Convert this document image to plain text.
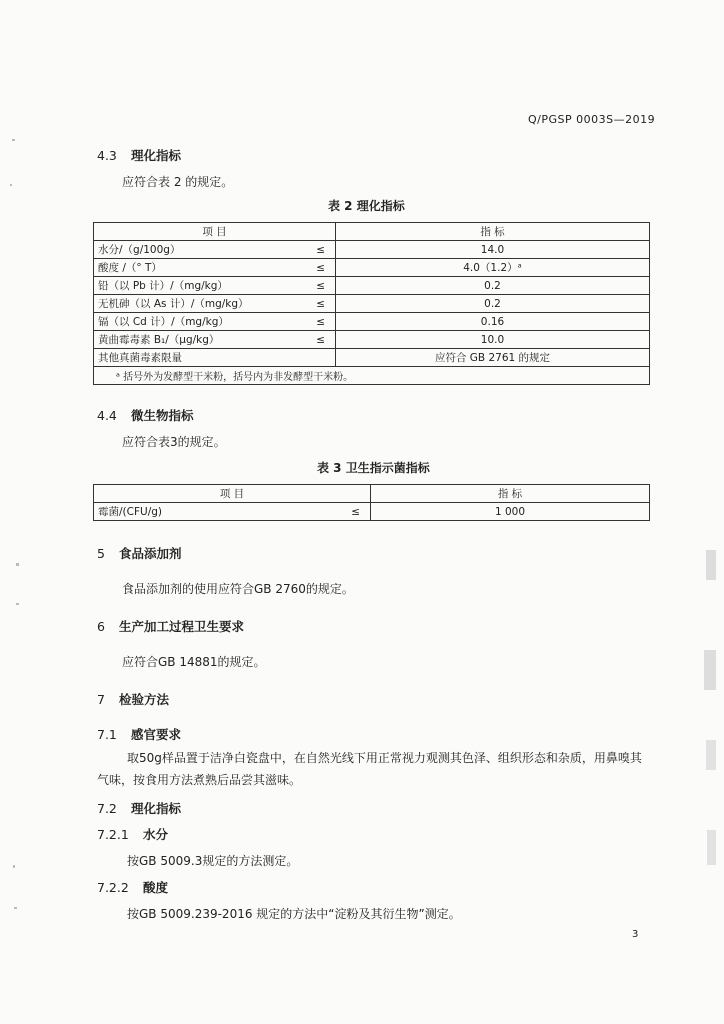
Q/PGSP 0003S—2019
4.3 理化指标
应符合表 2 的规定。
表 2 理化指标
项 目		指 标
水分/（g/100g）	≤	14.0
酸度 /（° T）	≤	4.0（1.2）ᵃ
铅（以 Pb 计）/（mg/kg）	≤	0.2
无机砷（以 As 计）/（mg/kg）	≤	0.2
镉（以 Cd 计）/（mg/kg）	≤	0.16
黄曲霉毒素 B₁/（μg/kg）	≤	10.0
其他真菌毒素限量		应符合 GB 2761 的规定
ᵃ 括号外为发酵型干米粉，括号内为非发酵型干米粉。		
4.4 微生物指标
应符合表3的规定。
表 3 卫生指示菌指标
项 目		指 标
霉菌/(CFU/g)	≤	1 000
5 食品添加剂
食品添加剂的使用应符合GB 2760的规定。
6 生产加工过程卫生要求
应符合GB 14881的规定。
7 检验方法
7.1 感官要求
取50g样品置于洁净白瓷盘中，在自然光线下用正常视力观测其色泽、组织形态和杂质，用鼻嗅其
气味，按食用方法煮熟后品尝其滋味。
7.2 理化指标
7.2.1 水分
按GB 5009.3规定的方法测定。
7.2.2 酸度
按GB 5009.239-2016 规定的方法中“淀粉及其衍生物”测定。
3
